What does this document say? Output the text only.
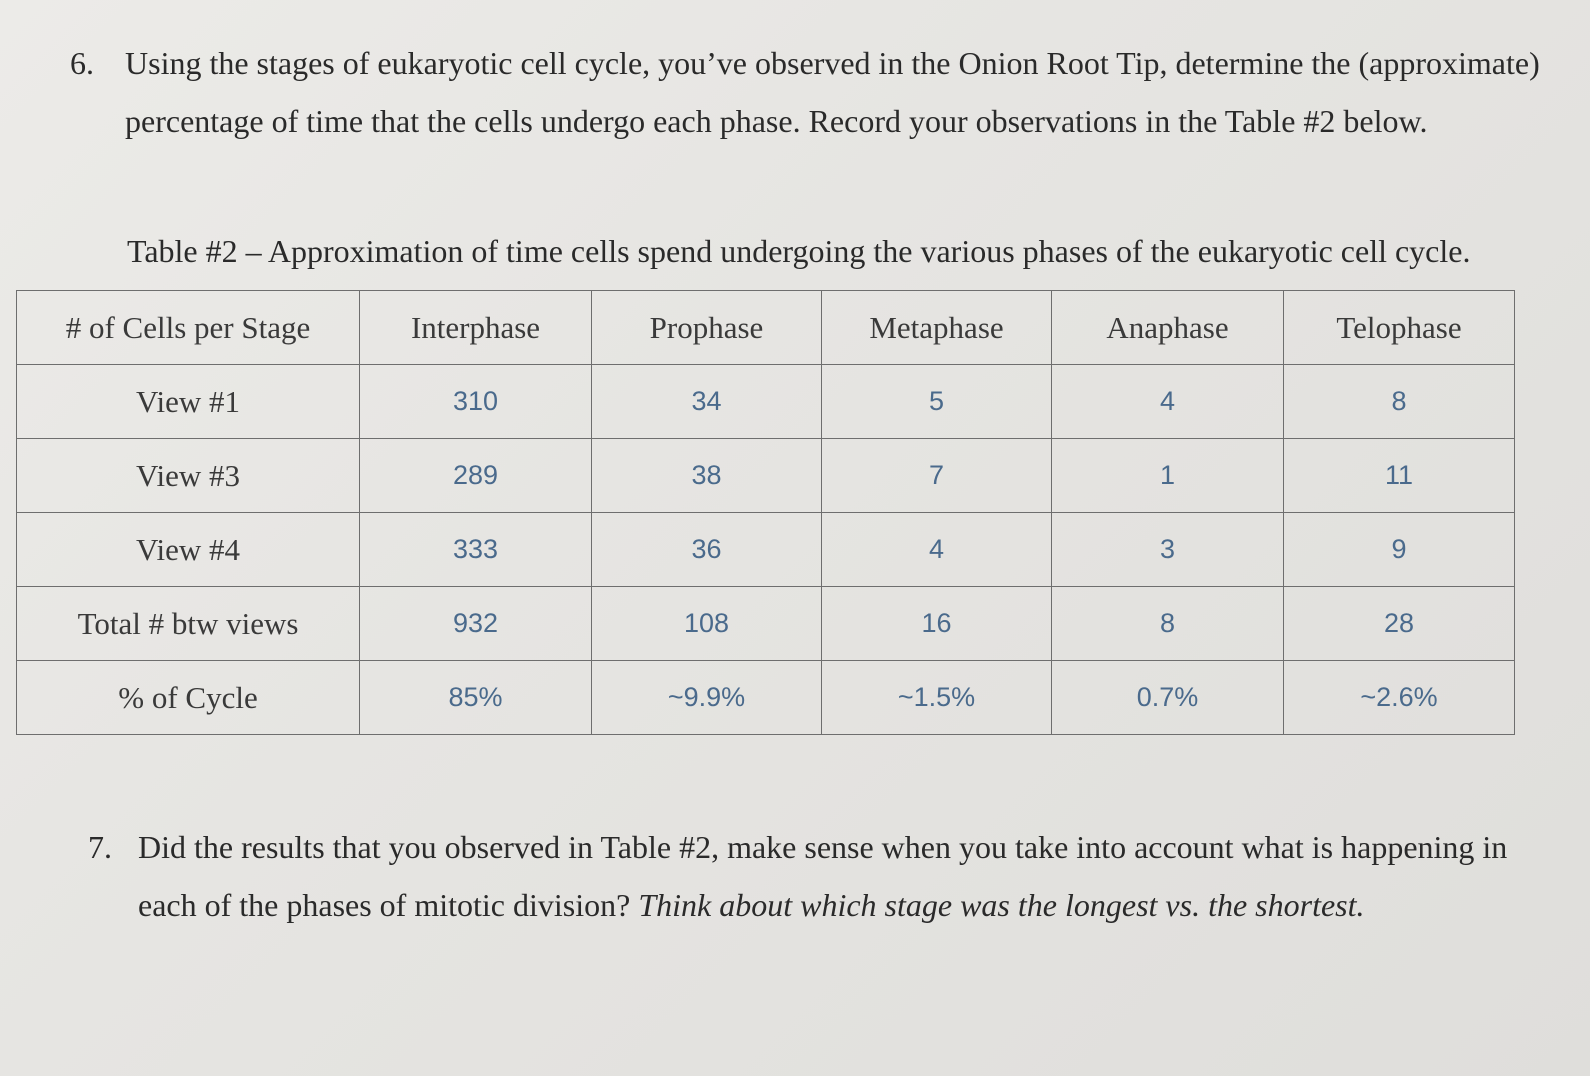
6. Using the stages of eukaryotic cell cycle, you’ve observed in the Onion Root Tip, determine the (approximate) percentage of time that the cells undergo each phase. Record your observations in the Table #2 below.
Table #2 – Approximation of time cells spend undergoing the various phases of the eukaryotic cell cycle.
# of Cells per Stage	Interphase	Prophase	Metaphase	Anaphase	Telophase
View #1	310	34	5	4	8
View #3	289	38	7	1	11
View #4	333	36	4	3	9
Total # btw views	932	108	16	8	28
% of Cycle	85%	~9.9%	~1.5%	0.7%	~2.6%
7. Did the results that you observed in Table #2, make sense when you take into account what is happening in each of the phases of mitotic division? Think about which stage was the longest vs. the shortest.
